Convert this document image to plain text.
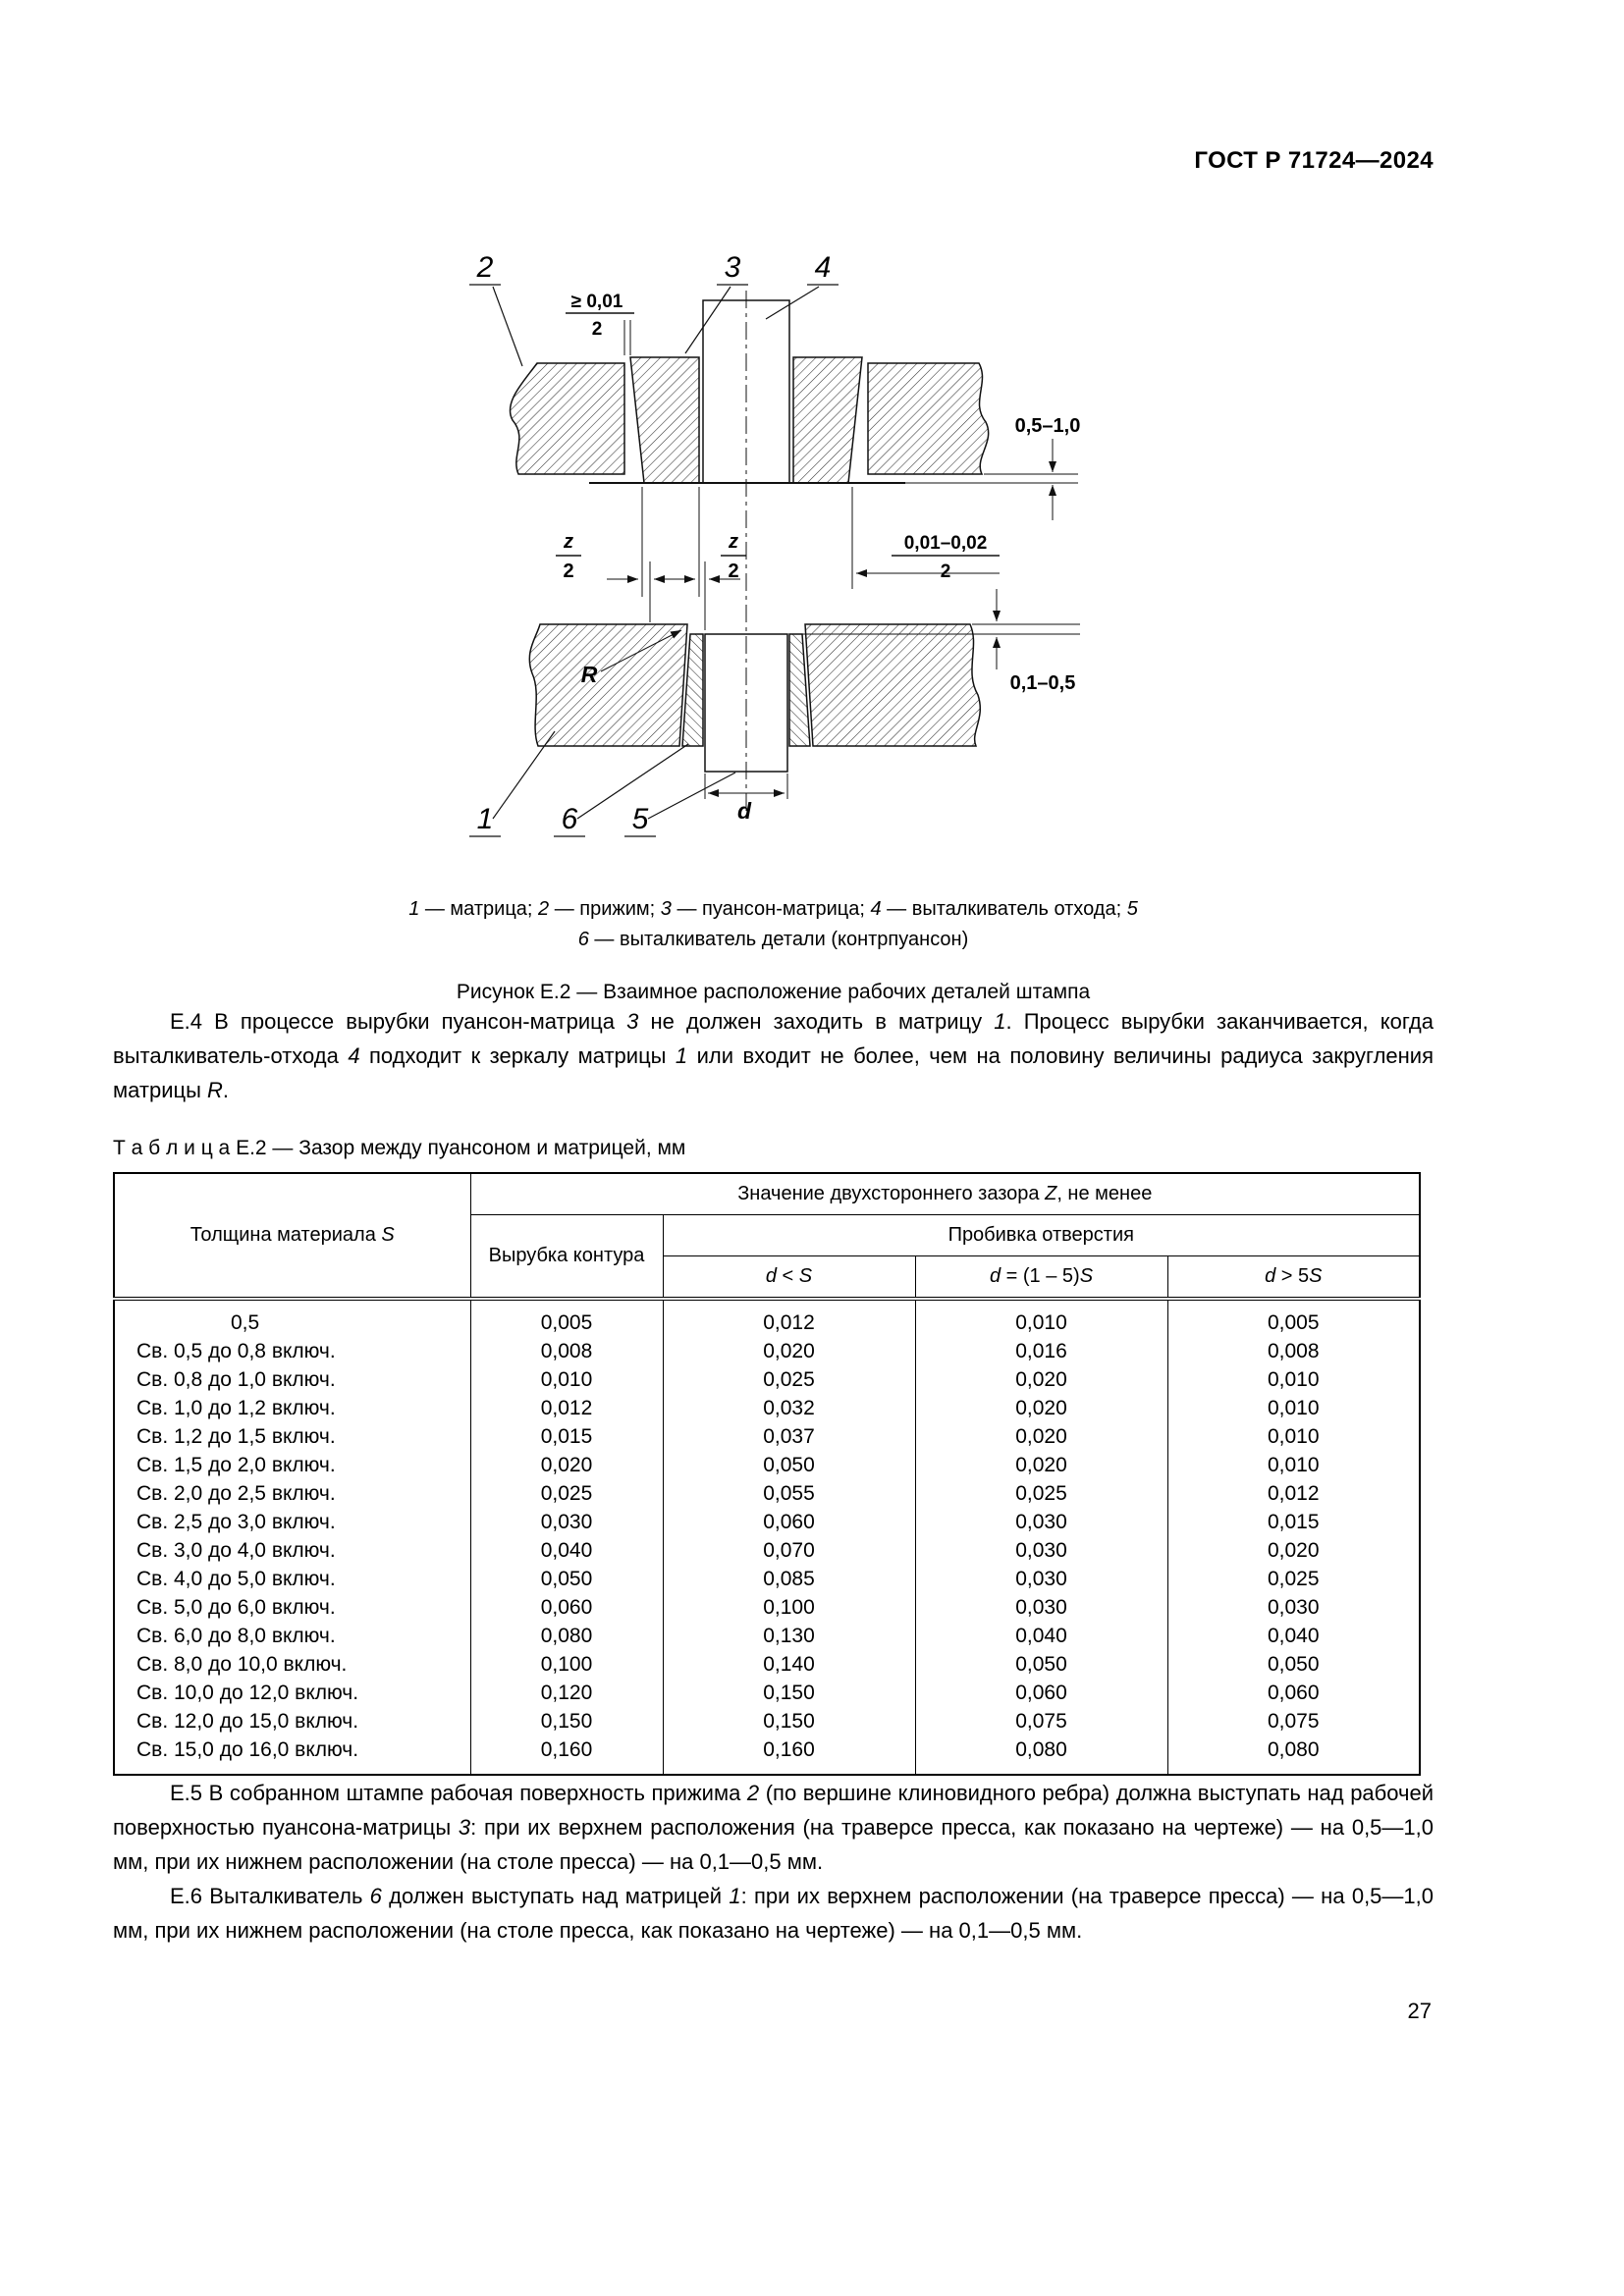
ГОСТ Р 71724—2024
2	3	4
1 6 5
≥ 0,01
2
0,5–1,0
z
2
z
2
0,01–0,02
2
0,1–0,5
R
d
1 — матрица; 2 — прижим; 3 — пуансон-матрица; 4 — выталкиватель отхода; 5
6 — выталкиватель детали (контрпуансон)
Рисунок Е.2 — Взаимное расположение рабочих деталей штампа

Е.4 В процессе вырубки пуансон-матрица 3 не должен заходить в матрицу 1. Процесс вырубки заканчивается, когда выталкиватель-отхода 4 подходит к зеркалу матрицы 1 или входит не более, чем на половину величины радиуса закругления матрицы R.

Т а б л и ц а Е.2 — Зазор между пуансоном и матрицей, мм
Толщина материала S	Значение двухстороннего зазора Z, не менее			
	Вырубка контура	Пробивка отверстия		
		d < S	d = (1 – 5)S	d > 5S
0,5	0,005	0,012	0,010	0,005
Св. 0,5 до 0,8 включ.	0,008	0,020	0,016	0,008
Св. 0,8 до 1,0 включ.	0,010	0,025	0,020	0,010
Св. 1,0 до 1,2 включ.	0,012	0,032	0,020	0,010
Св. 1,2 до 1,5 включ.	0,015	0,037	0,020	0,010
Св. 1,5 до 2,0 включ.	0,020	0,050	0,020	0,010
Св. 2,0 до 2,5 включ.	0,025	0,055	0,025	0,012
Св. 2,5 до 3,0 включ.	0,030	0,060	0,030	0,015
Св. 3,0 до 4,0 включ.	0,040	0,070	0,030	0,020
Св. 4,0 до 5,0 включ.	0,050	0,085	0,030	0,025
Св. 5,0 до 6,0 включ.	0,060	0,100	0,030	0,030
Св. 6,0 до 8,0 включ.	0,080	0,130	0,040	0,040
Св. 8,0 до 10,0 включ.	0,100	0,140	0,050	0,050
Св. 10,0 до 12,0 включ.	0,120	0,150	0,060	0,060
Св. 12,0 до 15,0 включ.	0,150	0,150	0,075	0,075
Св. 15,0 до 16,0 включ.	0,160	0,160	0,080	0,080

Е.5 В собранном штампе рабочая поверхность прижима 2 (по вершине клиновидного ребра) должна выступать над рабочей поверхностью пуансона-матрицы 3: при их верхнем расположения (на траверсе пресса, как показано на чертеже) — на 0,5—1,0 мм, при их нижнем расположении (на столе пресса) — на 0,1—0,5 мм.

Е.6 Выталкиватель 6 должен выступать над матрицей 1: при их верхнем расположении (на траверсе пресса) — на 0,5—1,0 мм, при их нижнем расположении (на столе пресса, как показано на чертеже) — на 0,1—0,5 мм.

27
